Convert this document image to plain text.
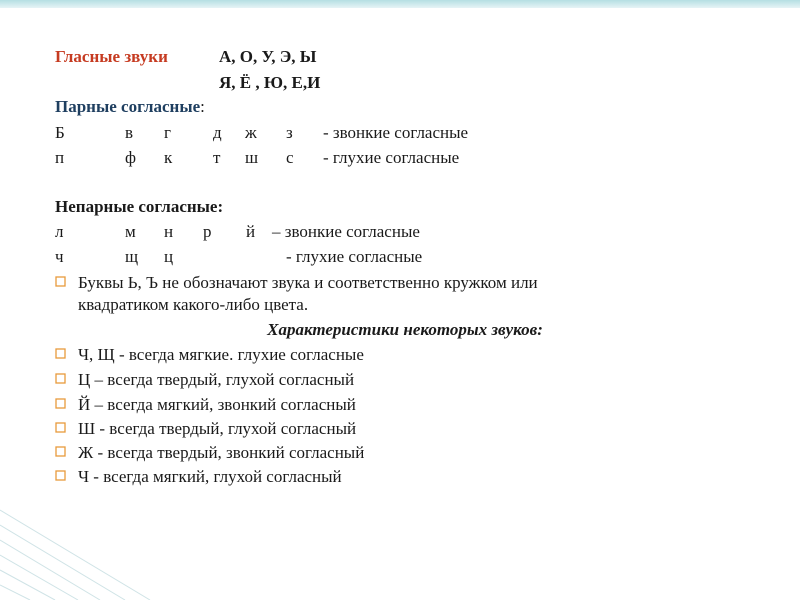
Гласные звуки	А, О, У, Э, Ы
Я, Ё , Ю, Е,И
Парные согласные:
Б	в г д ж з - звонкие согласные
п	ф к т ш с - глухие согласные
Непарные согласные:
л	м н р й – звонкие согласные
ч	щ ц	- глухие согласные
Буквы Ь, Ъ не обозначают звука и соответственно кружком или
квадратиком какого-либо цвета.
Характеристики некоторых звуков:
Ч, Щ - всегда мягкие. глухие согласные
Ц – всегда твердый, глухой согласный
Й – всегда мягкий, звонкий согласный
Ш - всегда твердый, глухой согласный
Ж - всегда твердый, звонкий согласный
Ч - всегда мягкий, глухой согласный
